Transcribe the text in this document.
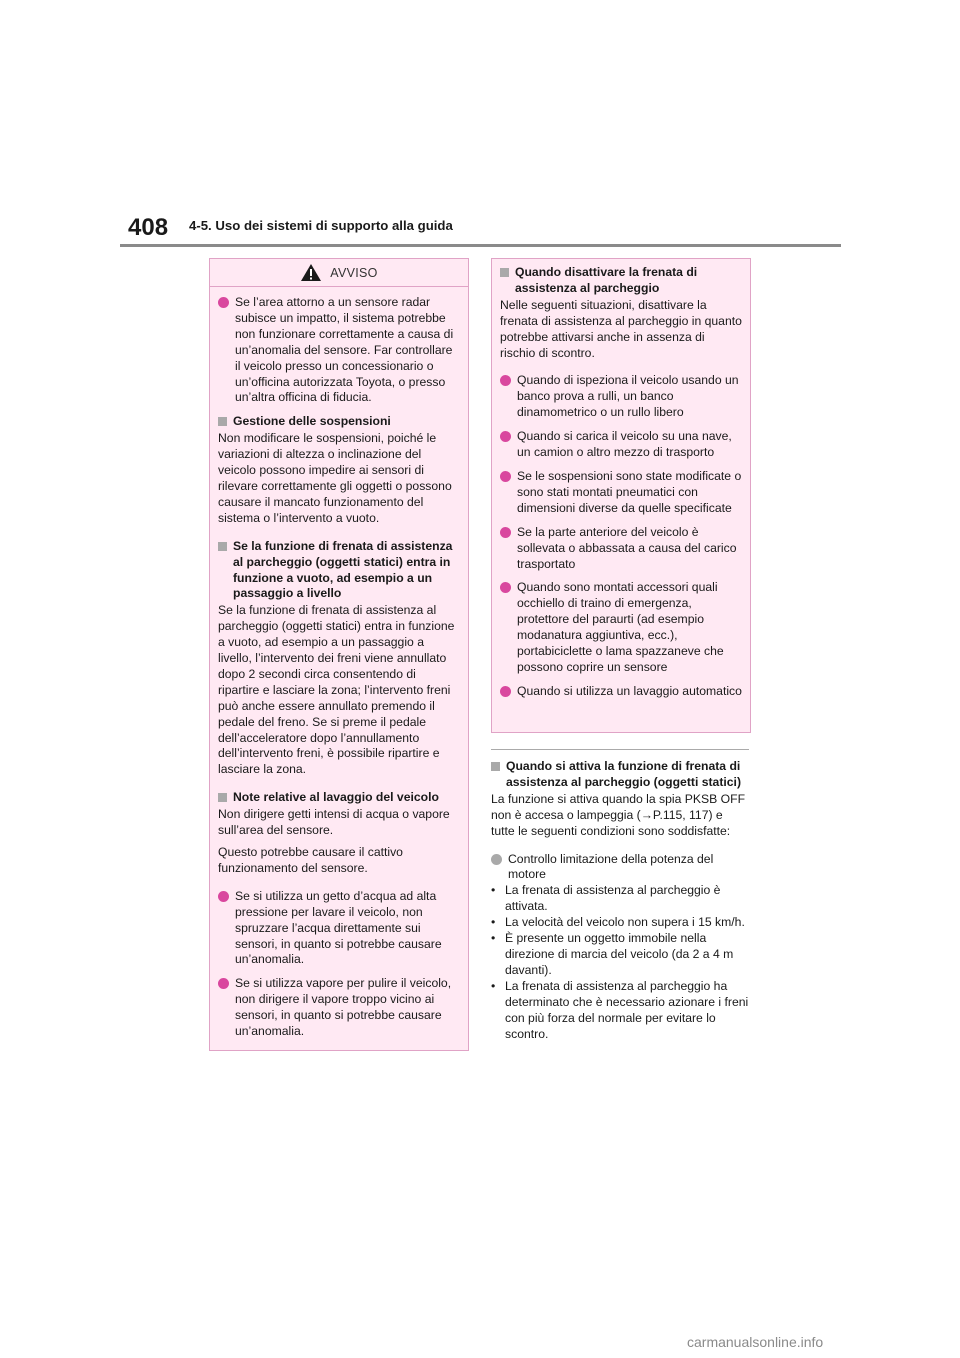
408 4-5. Uso dei sistemi di supporto alla guida
AVVISO
Se l’area attorno a un sensore radar subisce un impatto, il sistema potrebbe non funzionare correttamente a causa di un’anomalia del sensore. Far controllare il veicolo presso un concessionario o un’officina autorizzata Toyota, o presso un’altra officina di fiducia.
Gestione delle sospensioni

Non modificare le sospensioni, poiché le variazioni di altezza o inclinazione del veicolo possono impedire ai sensori di rilevare correttamente gli oggetti o possono causare il mancato funzionamento del sistema o l’intervento a vuoto.

Se la funzione di frenata di assistenza al parcheggio (oggetti statici) entra in funzione a vuoto, ad esempio a un passaggio a livello

Se la funzione di frenata di assistenza al parcheggio (oggetti statici) entra in funzione a vuoto, ad esempio a un passaggio a livello, l’intervento dei freni viene annullato dopo 2 secondi circa consentendo di ripartire e lasciare la zona; l’intervento freni può anche essere annullato premendo il pedale del freno. Se si preme il pedale dell’acceleratore dopo l’annullamento dell’intervento freni, è possibile ripartire e lasciare la zona.

Note relative al lavaggio del veicolo

Non dirigere getti intensi di acqua o vapore sull’area del sensore.

Questo potrebbe causare il cattivo funzionamento del sensore.

Se si utilizza un getto d’acqua ad alta pressione per lavare il veicolo, non spruzzare l’acqua direttamente sui sensori, in quanto si potrebbe causare un’anomalia.
Se si utilizza vapore per pulire il veicolo, non dirigere il vapore troppo vicino ai sensori, in quanto si potrebbe causare un’anomalia.
Quando disattivare la frenata di assistenza al parcheggio

Nelle seguenti situazioni, disattivare la frenata di assistenza al parcheggio in quanto potrebbe attivarsi anche in assenza di rischio di scontro.

Quando di ispeziona il veicolo usando un banco prova a rulli, un banco dinamometrico o un rullo libero
Quando si carica il veicolo su una nave, un camion o altro mezzo di trasporto
Se le sospensioni sono state modificate o sono stati montati pneumatici con dimensioni diverse da quelle specificate
Se la parte anteriore del veicolo è sollevata o abbassata a causa del carico trasportato
Quando sono montati accessori quali occhiello di traino di emergenza, protettore del paraurti (ad esempio modanatura aggiuntiva, ecc.), portabiciclette o lama spazzaneve che possono coprire un sensore
Quando si utilizza un lavaggio automatico
Quando si attiva la funzione di frenata di assistenza al parcheggio (oggetti statici)

La funzione si attiva quando la spia PKSB OFF non è accesa o lampeggia (→P.115, 117) e tutte le seguenti condizioni sono soddisfatte:

Controllo limitazione della potenza del motore
• La frenata di assistenza al parcheggio è attivata.
• La velocità del veicolo non supera i 15 km/h.
• È presente un oggetto immobile nella direzione di marcia del veicolo (da 2 a 4 m davanti).
• La frenata di assistenza al parcheggio ha determinato che è necessario azionare i freni con più forza del normale per evitare lo scontro.
carmanualsonline.info
